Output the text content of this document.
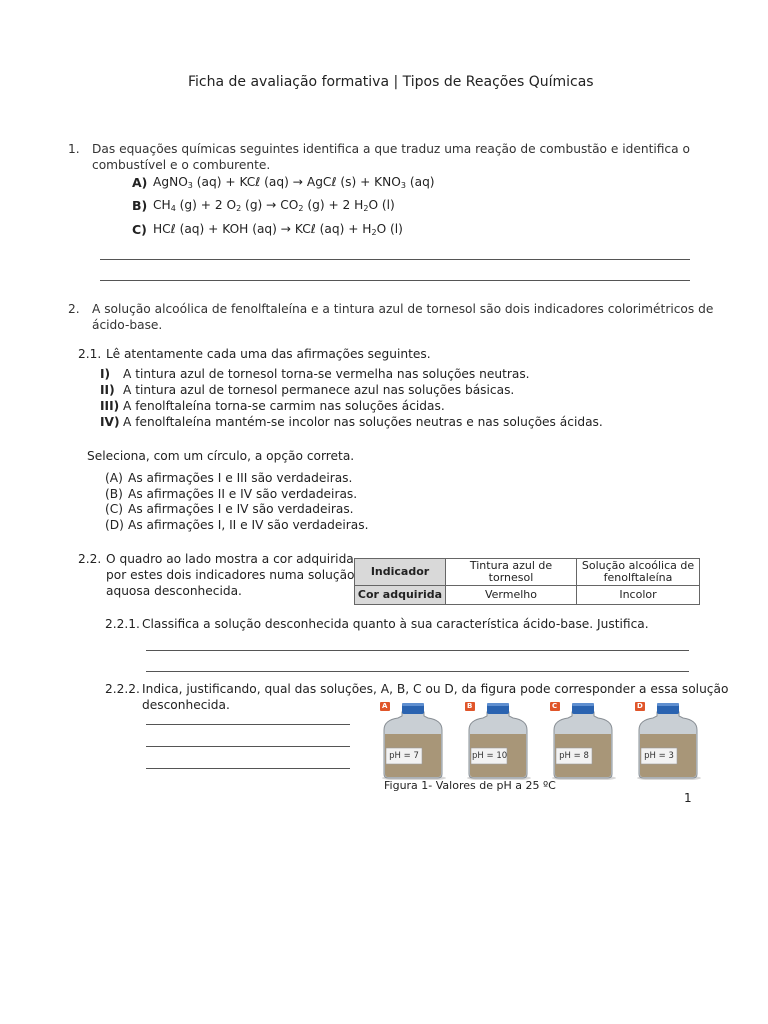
Ficha de avaliação formativa | Tipos de Reações Químicas
1. Das equações químicas seguintes identifica a que traduz uma reação de combustão e identifica o
combustível e o comburente.
A) AgNO$_3$ (aq) + KCℓ (aq) → AgCℓ $(s) + KNO_3$ (aq)
B) $CH_4$ (g) + 2 $O_2$ $(g) \to CO_2$ (g) + 2 $H_2O$ (l)
C) HCℓ (aq) + KOH (aq) → KCℓ $(aq) + H_2O$ (l)
2. A solução alcoólica de fenolftaleína e a tintura azul de tornesol são dois indicadores colorimétricos de
ácido-base.
2.1. Lê atentamente cada uma das afirmações seguintes.
I) A tintura azul de tornesol torna-se vermelha nas soluções neutras.
II) A tintura azul de tornesol permanece azul nas soluções básicas.
III) A fenolftaleína torna-se carmim nas soluções ácidas.
IV) A fenolftaleína mantém-se incolor nas soluções neutras e nas soluções ácidas.
Seleciona, com um círculo, a opção correta.
(A) As afirmações I e III são verdadeiras.
(B) As afirmações II e IV são verdadeiras.
(C) As afirmações I e IV são verdadeiras.
(D) As afirmações I, II e IV são verdadeiras.
2.2. O quadro ao lado mostra a cor adquirida
por estes dois indicadores numa solução
aquosa desconhecida.
Indicador	Tintura azul de tornesol	Solução alcoólica de fenolftaleína
Cor adquirida	Vermelho	Incolor
2.2.1. Classifica a solução desconhecida quanto à sua característica ácido-base. Justifica.
2.2.2. Indica, justificando, qual das soluções, A, B, C ou D, da figura pode corresponder a essa solução
desconhecida.	A
pH = 7
B
pH = 10
C
pH = 8
D
pH = 3
Figura 1- Valores de pH a 25 ºC
1
